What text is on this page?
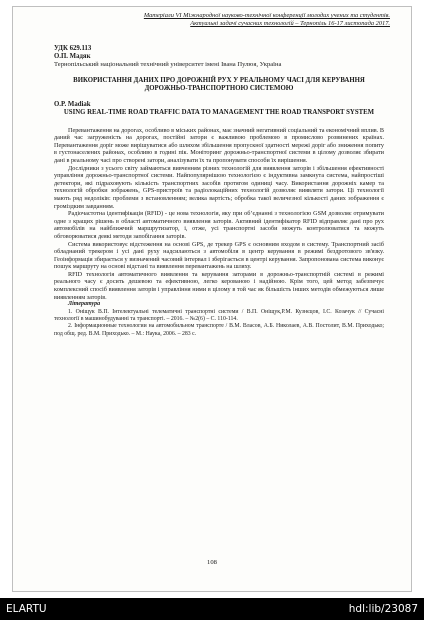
Матеріали VI Міжнародної науково-технічної конференції молодих учених та студентів.
Актуальні задачі сучасних технологій – Тернопіль 16-17 листопада 2017.
УДК 629.113
О.П. Мадяк
Тернопільський національний технічний університет імені Івана Пулюя, Україна
ВИКОРИСТАННЯ ДАНИХ ПРО ДОРОЖНІЙ РУХ У РЕАЛЬНОМУ ЧАСІ ДЛЯ КЕРУВАННЯ ДОРОЖНЬО-ТРАНСПОРТНОЮ СИСТЕМОЮ
O.P. Madiak
USING REAL-TIME ROAD TRAFFIC DATA TO MANAGEMENT THE ROAD TRANSPORT SYSTEM

Перевантаження на дорогах, особливо в міських районах, має значний негативний соціальний та економічний вплив. В даний час загруженість на дорогах, постійні затори є важливою проблемою в промислово розвинених країнах. Перевантаження доріг може вирішуватися або шляхом збільшення пропускної здатності мережі доріг або зниження попиту в густонаселених районах, особливо в годині пік. Моніторинг дорожньо-транспортної системи в цілому дозволяє збирати дані в реальному часі про створені затори, аналізувати їх та пропонувати способи їх вирішення.

Дослідники з усього світу займаються вивченням різних технологій для виявлення заторів і збільшення ефективності управління дорожньо-транспортної системи. Найпопулярнішою технологією є індуктивна замкнута система, найпростіші детектори, які підраховують кількість транспортних засобів протягом одиниці часу. Використання дорожніх камер та технологій обробки зображень, GPS-пристроїв та радіолокаційних технологій дозволяє виявляти затори. Ці технології мають ряд недоліків: проблеми з встановленням; велика вартість; обробка такої величезної кількості даних зображення є громіздким завданням.

Радіочастотна ідентифікація (RFID) - це нова технологія, яку при об’єднанні з технологією GSM дозволяє отримувати одне з кращих рішень в області автоматичного виявлення заторів. Активний ідентифікатор RFID відправляє дані про рух автомобілів на найближчий маршрутизатор, і, отже, усі транспортні засоби можуть контролюватися та можуть обговорюватися деякі методи запобігання заторів.

Система використовує відстеження на основі GPS, де трекер GPS є основним входом в систему. Транспортний засіб обладнаний трекером і усі дані руху надсилаються з автомобіля в центр керування в режимі бездротового зв'язку. Геоінформація збирається у визначений часовий інтервал і зберігається в центрі керування. Запропонована система виконує пошук маршруту на основі відстані та виявлення перевантажень на шляху.

RFID технологія автоматичного виявлення та керування заторами в дорожньо-транспортній системі в режимі реального часу є досить дешевою та ефективною, легко керованою і надійною. Крім того, цей метод забезпечує комплексний спосіб виявлення заторів і управління ними в цілому в той час як більшість інших методів обмежуються лише виявленням заторів.

Література

1. Оніщук В.П. Інтелектуальні телематичні транспортні системи / В.П. Оніщук,Р.М. Кузнєцов, І.С. Козачук // Сучасні технології в машинобудуванні та транспорті. – 2016. – №2(6) – С. 110-114.

2. Інформационные технологии на автомобильном транспорте / В.М. Власов, А.Б. Николаев, А.В. Постолит, В.М. Приходько; под общ. ред. В.М. Приходько. – М.: Наука, 2006. – 283 с.

108
ELARTU	hdl:lib/23087
